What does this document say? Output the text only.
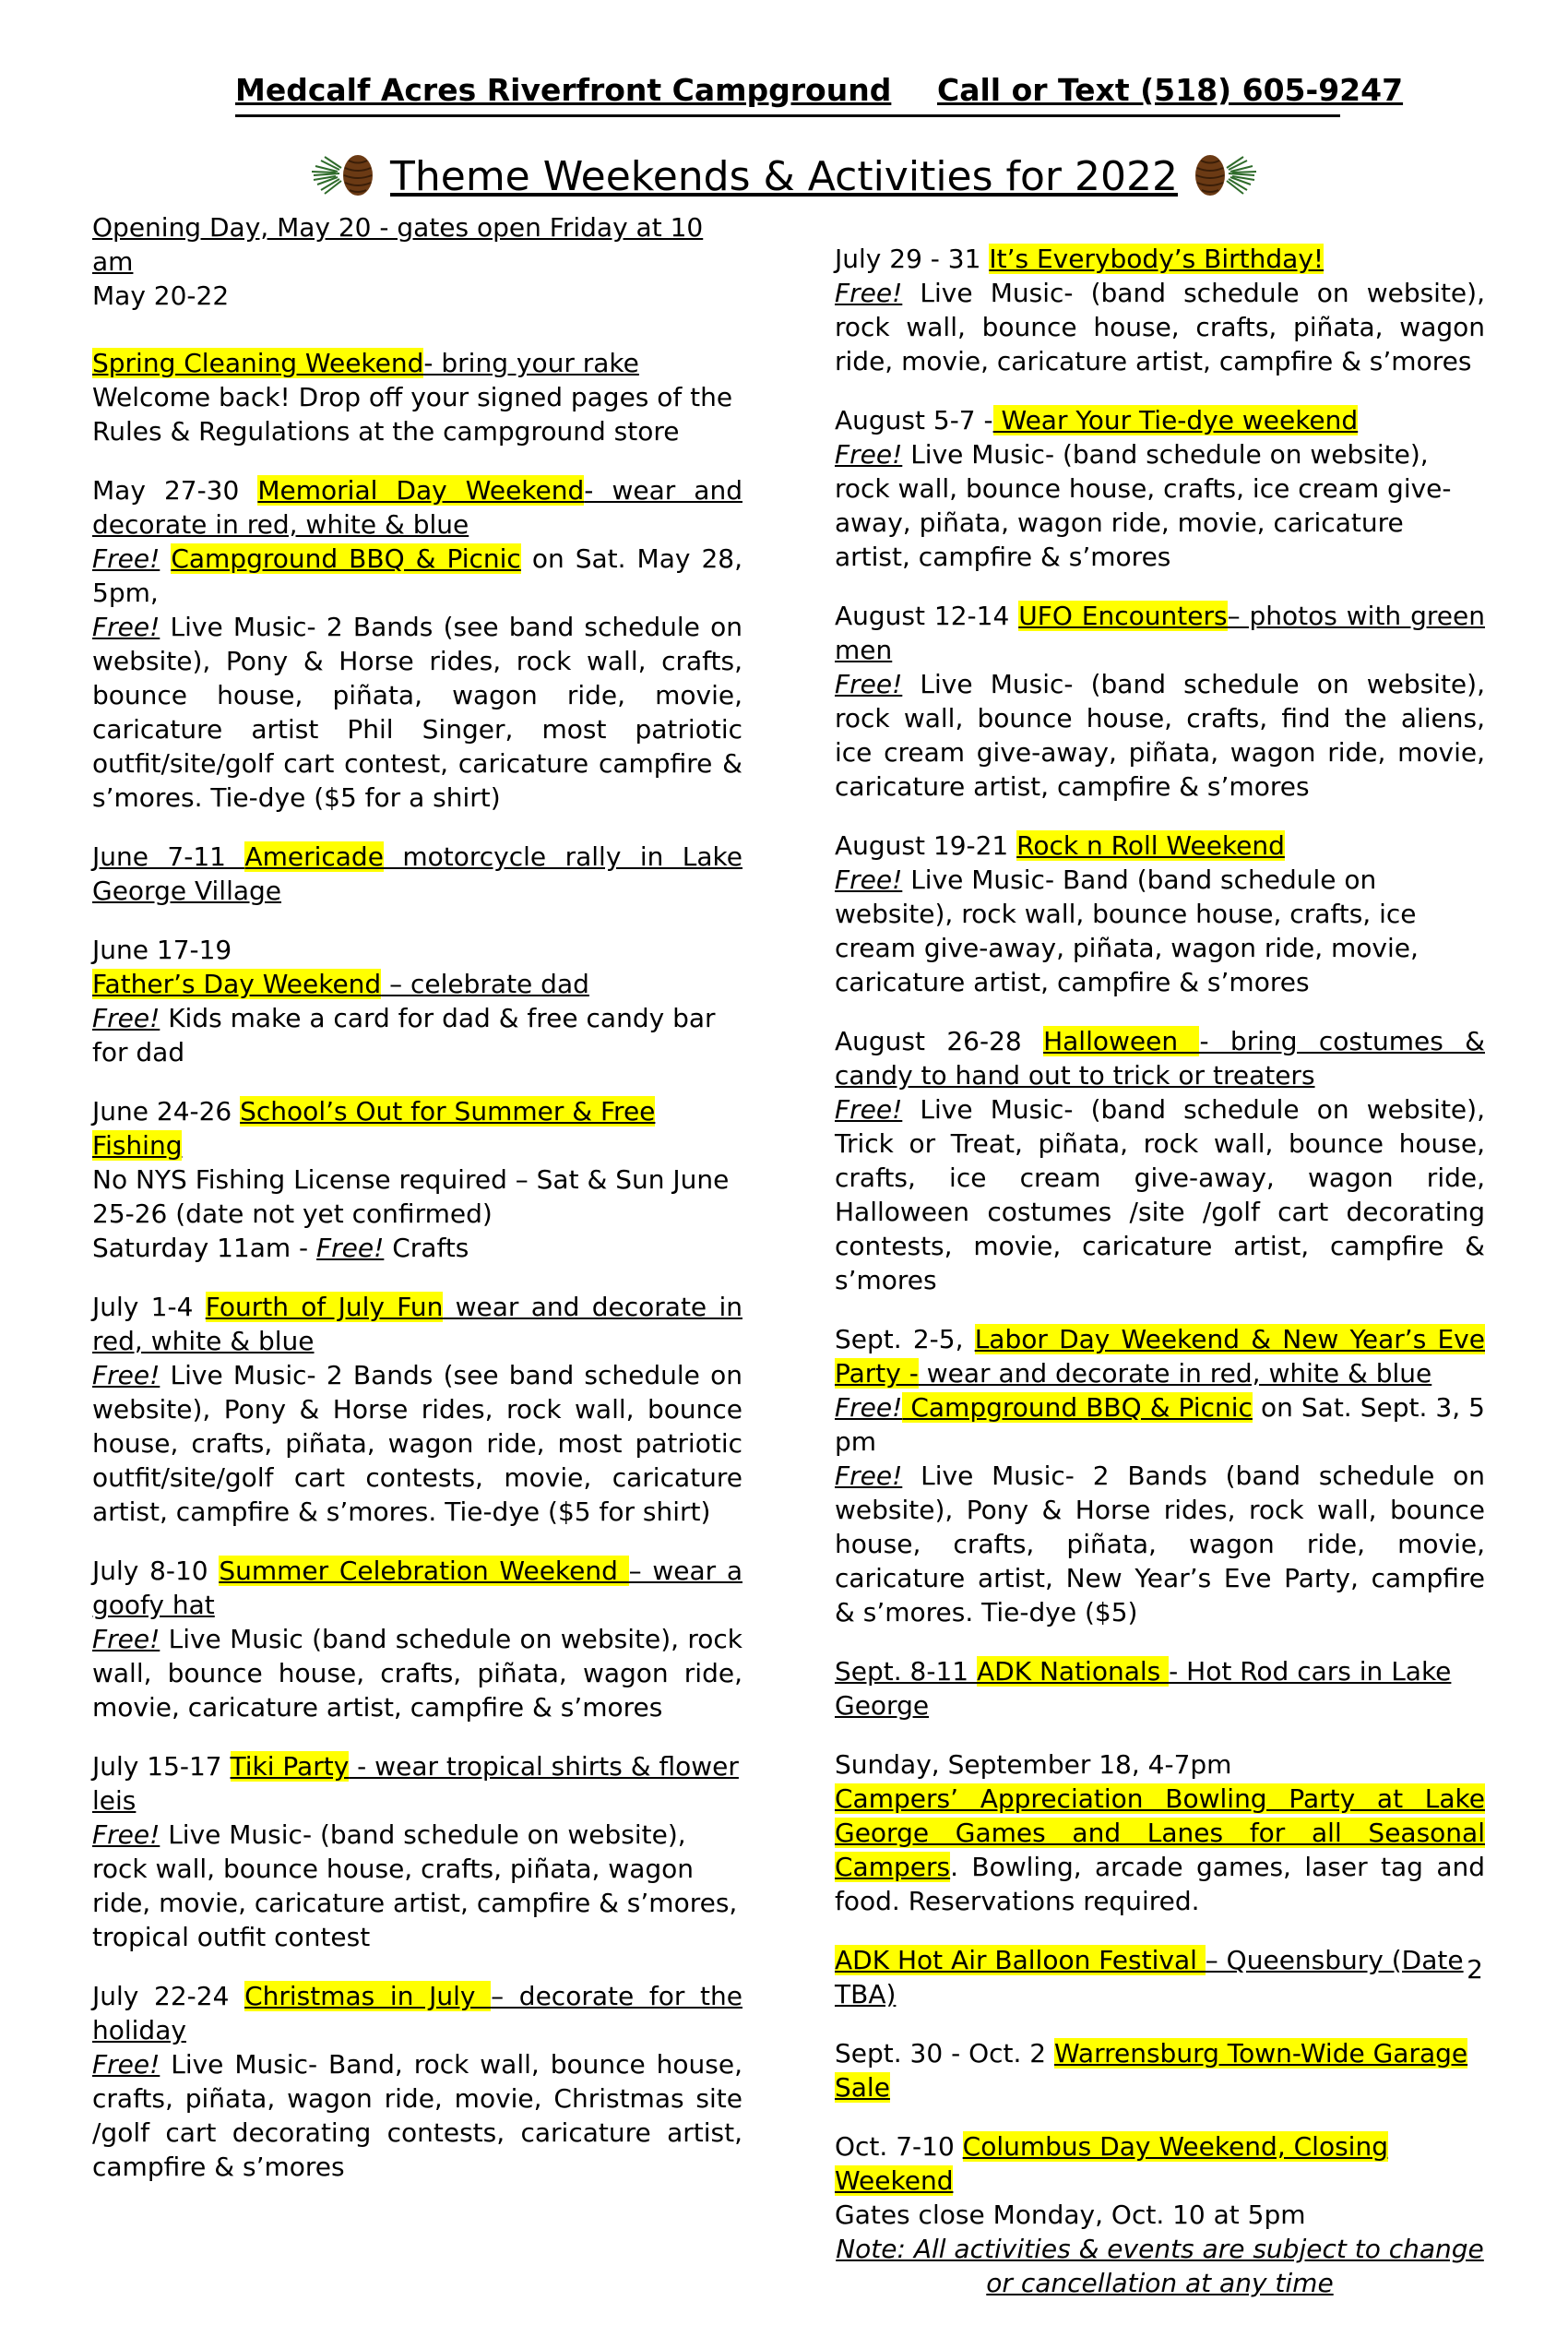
Medcalf Acres Riverfront Campground Call or Text (518) 605-9247
Theme Weekends & Activities for 2022

Opening Day, May 20 - gates open Friday at 10 am

May 20-22

Spring Cleaning Weekend- bring your rake

Welcome back! Drop off your signed pages of the Rules & Regulations at the campground store

May 27-30 Memorial Day Weekend- wear and decorate in red, white & blue

Free! Campground BBQ & Picnic on Sat. May 28, 5pm,

Free! Live Music- 2 Bands (see band schedule on website), Pony & Horse rides, rock wall, crafts, bounce house, piñata, wagon ride, movie, caricature artist Phil Singer, most patriotic outfit/site/golf cart contest, caricature campfire & s’mores. Tie-dye ($5 for a shirt)

June 7-11 Americade motorcycle rally in Lake George Village

June 17-19

Father’s Day Weekend – celebrate dad

Free! Kids make a card for dad & free candy bar for dad

June 24-26 School’s Out for Summer & Free Fishing

No NYS Fishing License required – Sat & Sun June 25-26 (date not yet confirmed)

Saturday 11am - Free! Crafts

July 1-4 Fourth of July Fun wear and decorate in red, white & blue

Free! Live Music- 2 Bands (see band schedule on website), Pony & Horse rides, rock wall, bounce house, crafts, piñata, wagon ride, most patriotic outfit/site/golf cart contests, movie, caricature artist, campfire & s’mores. Tie-dye ($5 for shirt)

July 8-10 Summer Celebration Weekend – wear a goofy hat

Free! Live Music (band schedule on website), rock wall, bounce house, crafts, piñata, wagon ride, movie, caricature artist, campfire & s’mores

July 15-17 Tiki Party - wear tropical shirts & flower leis

Free! Live Music- (band schedule on website), rock wall, bounce house, crafts, piñata, wagon ride, movie, caricature artist, campfire & s’mores, tropical outfit contest

July 22-24 Christmas in July – decorate for the holiday

Free! Live Music- Band, rock wall, bounce house, crafts, piñata, wagon ride, movie, Christmas site /golf cart decorating contests, caricature artist, campfire & s’mores

July 29 - 31 It’s Everybody’s Birthday!

Free! Live Music- (band schedule on website), rock wall, bounce house, crafts, piñata, wagon ride, movie, caricature artist, campfire & s’mores

August 5-7 - Wear Your Tie-dye weekend

Free! Live Music- (band schedule on website), rock wall, bounce house, crafts, ice cream give-away, piñata, wagon ride, movie, caricature artist, campfire & s’mores

August 12-14 UFO Encounters– photos with green men

Free! Live Music- (band schedule on website), rock wall, bounce house, crafts, find the aliens, ice cream give-away, piñata, wagon ride, movie, caricature artist, campfire & s’mores

August 19-21 Rock n Roll Weekend

Free! Live Music- Band (band schedule on website), rock wall, bounce house, crafts, ice cream give-away, piñata, wagon ride, movie, caricature artist, campfire & s’mores

August 26-28 Halloween - bring costumes & candy to hand out to trick or treaters

Free! Live Music- (band schedule on website), Trick or Treat, piñata, rock wall, bounce house, crafts, ice cream give-away, wagon ride, Halloween costumes /site /golf cart decorating contests, movie, caricature artist, campfire & s’mores

Sept. 2-5, Labor Day Weekend & New Year’s Eve Party - wear and decorate in red, white & blue

Free! Campground BBQ & Picnic on Sat. Sept. 3, 5 pm

Free! Live Music- 2 Bands (band schedule on website), Pony & Horse rides, rock wall, bounce house, crafts, piñata, wagon ride, movie, caricature artist, New Year’s Eve Party, campfire & s’mores. Tie-dye ($5)

Sept. 8-11 ADK Nationals - Hot Rod cars in Lake George

Sunday, September 18, 4-7pm

Campers’ Appreciation Bowling Party at Lake George Games and Lanes for all Seasonal Campers. Bowling, arcade games, laser tag and food. Reservations required.

ADK Hot Air Balloon Festival – Queensbury (Date TBA)

Sept. 30 - Oct. 2 Warrensburg Town-Wide Garage Sale

Oct. 7-10 Columbus Day Weekend, Closing Weekend

Gates close Monday, Oct. 10 at 5pm

Note: All activities & events are subject to change

or cancellation at any time

2
